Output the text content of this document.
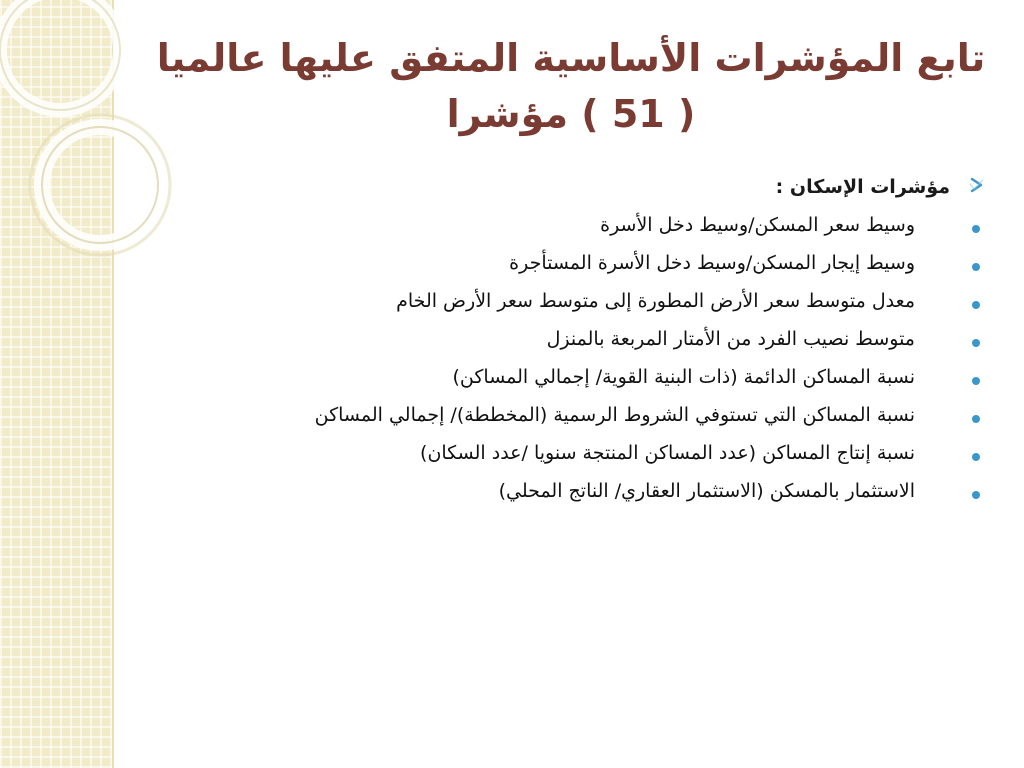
تابع المؤشرات الأساسية المتفق عليها عالميا
( 51 ) مؤشرا
مؤشرات الإسكان :
وسيط سعر المسكن/وسيط دخل الأسرة
وسيط إيجار المسكن/وسيط دخل الأسرة المستأجرة
معدل متوسط سعر الأرض المطورة إلى متوسط سعر الأرض الخام
متوسط نصيب الفرد من الأمتار المربعة بالمنزل
نسبة المساكن الدائمة (ذات البنية القوية/ إجمالي المساكن)
نسبة المساكن التي تستوفي الشروط الرسمية (المخططة)/ إجمالي المساكن
نسبة إنتاج المساكن (عدد المساكن المنتجة سنويا /عدد السكان)
الاستثمار بالمسكن (الاستثمار العقاري/ الناتج المحلي)
